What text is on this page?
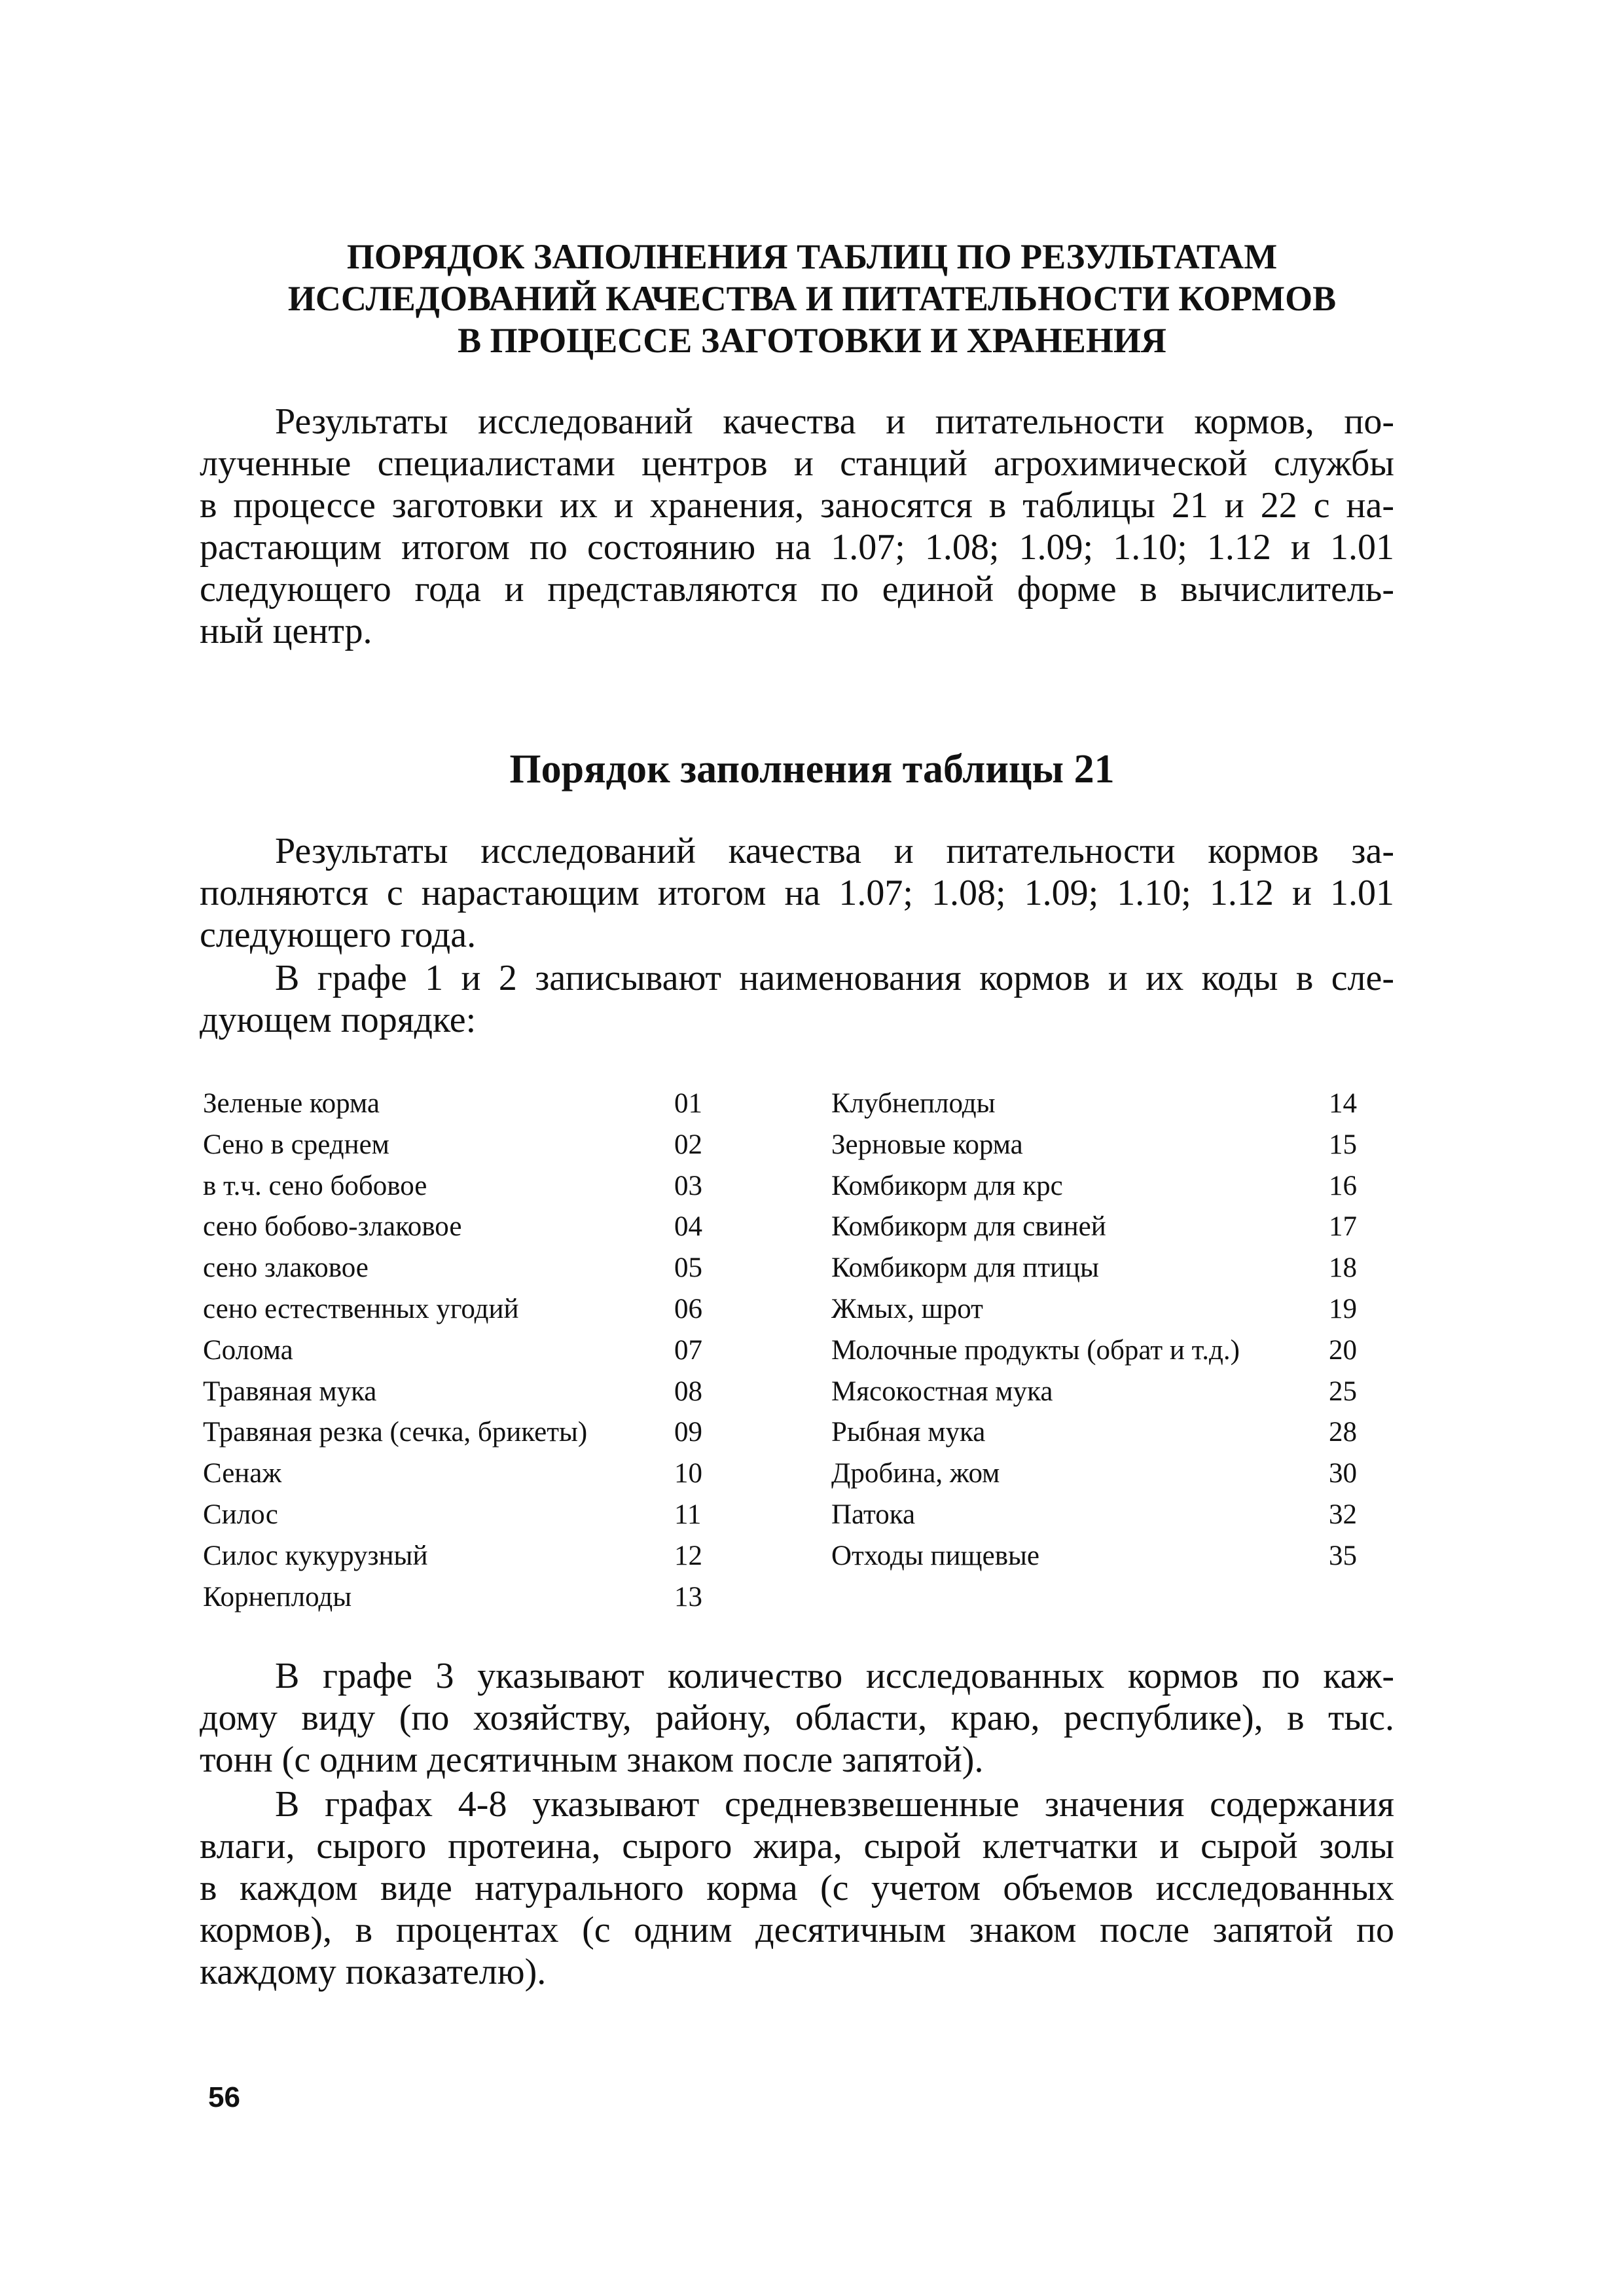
ПОРЯДОК ЗАПОЛНЕНИЯ ТАБЛИЦ ПО РЕЗУЛЬТАТАМ
ИССЛЕДОВАНИЙ КАЧЕСТВА И ПИТАТЕЛЬНОСТИ КОРМОВ
В ПРОЦЕССЕ ЗАГОТОВКИ И ХРАНЕНИЯ
Результаты исследований качества и питательности кормов, по-
лученные специалистами центров и станций агрохимической службы
в процессе заготовки их и хранения, заносятся в таблицы 21 и 22 с на-
растающим итогом по состоянию на 1.07; 1.08; 1.09; 1.10; 1.12 и 1.01
следующего года и представляются по единой форме в вычислитель-
ный центр.
Порядок заполнения таблицы 21
Результаты исследований качества и питательности кормов за-
полняются с нарастающим итогом на 1.07; 1.08; 1.09; 1.10; 1.12 и 1.01
следующего года.
В графе 1 и 2 записывают наименования кормов и их коды в сле-
дующем порядке:
Зеленые корма	01
Сено в среднем	02
в т.ч. сено бобовое	03
сено бобово-злаковое	04
сено злаковое	05
сено естественных угодий	06
Солома	07
Травяная мука	08
Травяная резка (сечка, брикеты)	09
Сенаж	10
Силос	11
Силос кукурузный	12
Корнеплоды	13
Клубнеплоды	14
Зерновые корма	15
Комбикорм для крс	16
Комбикорм для свиней	17
Комбикорм для птицы	18
Жмых, шрот	19
Молочные продукты (обрат и т.д.)	20
Мясокостная мука	25
Рыбная мука	28
Дробина, жом	30
Патока	32
Отходы пищевые	35
В графе 3 указывают количество исследованных кормов по каж-
дому виду (по хозяйству, району, области, краю, республике), в тыс.
тонн (с одним десятичным знаком после запятой).
В графах 4-8 указывают средневзвешенные значения содержания
влаги, сырого протеина, сырого жира, сырой клетчатки и сырой золы
в каждом виде натурального корма (с учетом объемов исследованных
кормов), в процентах (с одним десятичным знаком после запятой по
каждому показателю).
56
